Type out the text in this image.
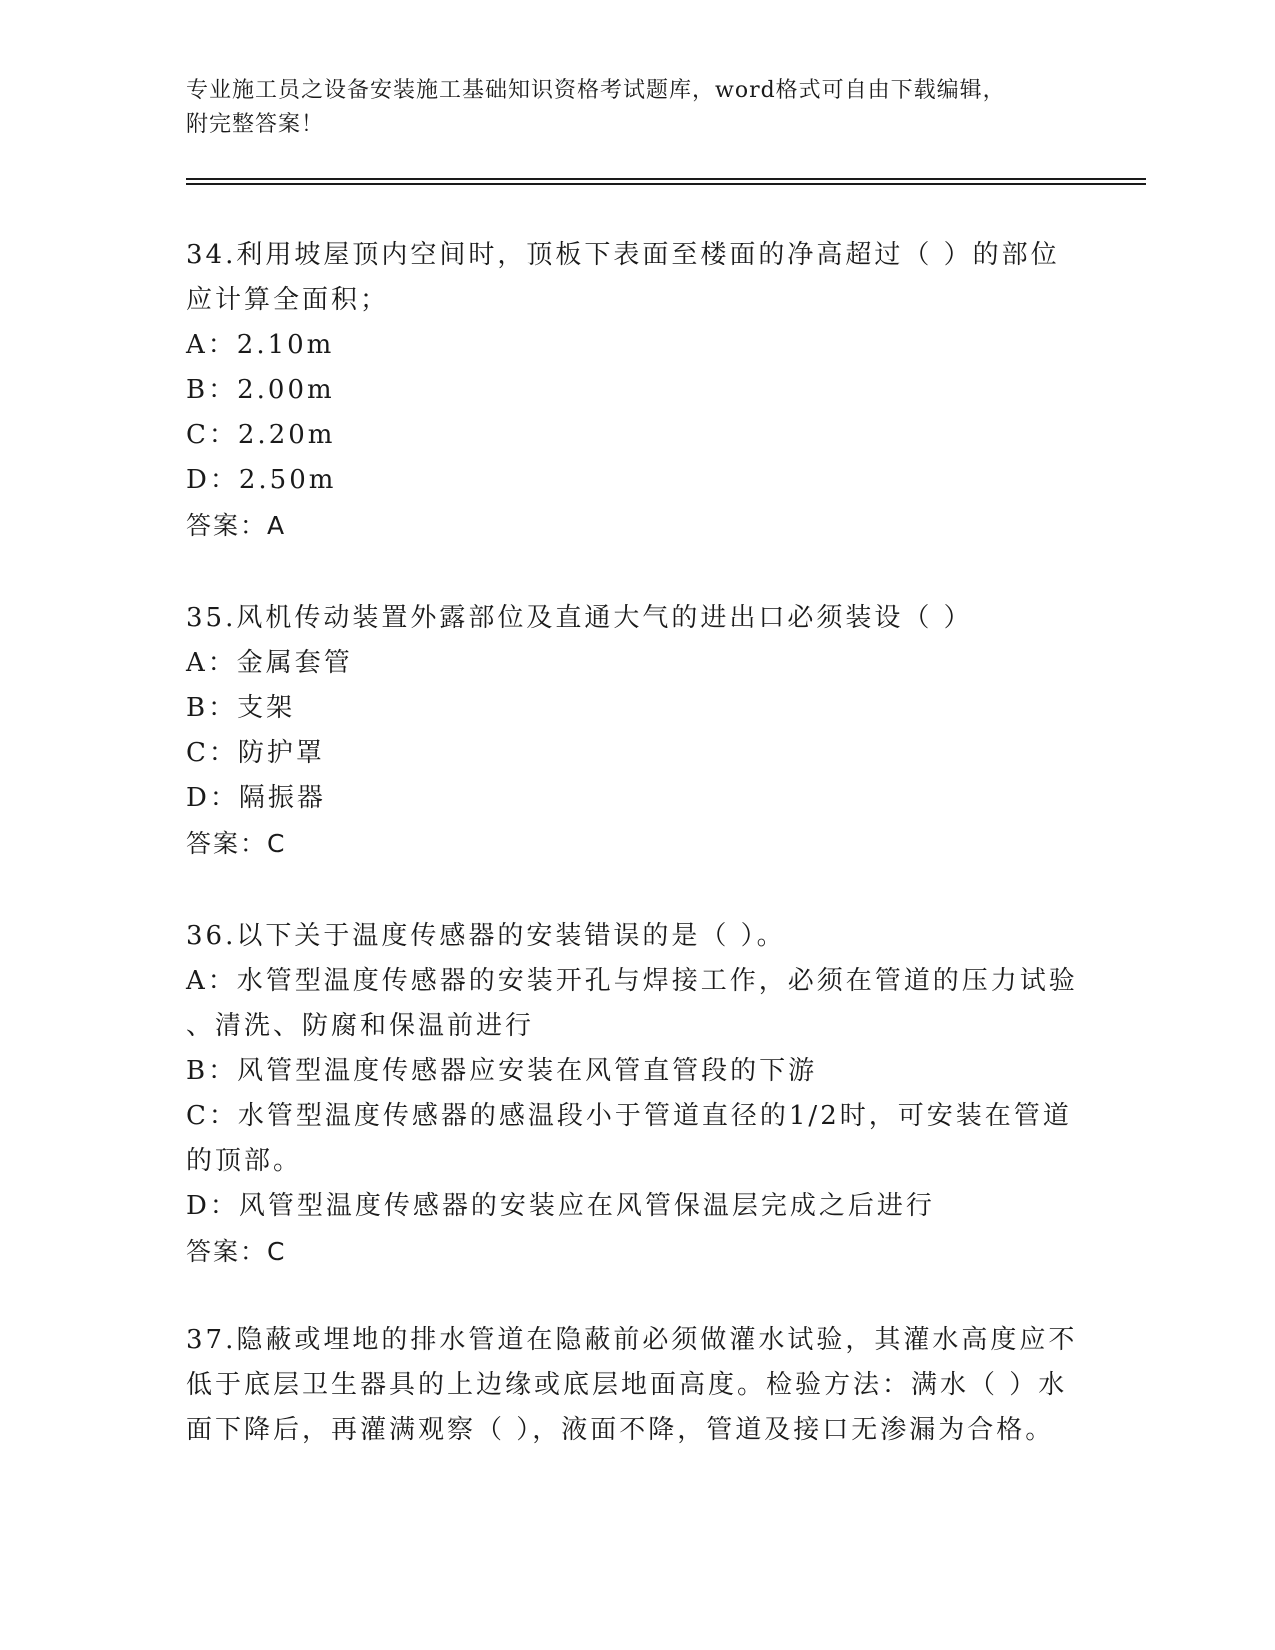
专业施工员之设备安装施工基础知识资格考试题库，word格式可自由下载编辑，
附完整答案！

34.利用坡屋顶内空间时，顶板下表面至楼面的净高超过（ ）的部位

应计算全面积；

A：2.10m

B：2.00m

C：2.20m

D：2.50m

答案：A

35.风机传动装置外露部位及直通大气的进出口必须装设（ ）

A：金属套管

B：支架

C：防护罩

D：隔振器

答案：C

36.以下关于温度传感器的安装错误的是（ ）。

A：水管型温度传感器的安装开孔与焊接工作，必须在管道的压力试验

、清洗、防腐和保温前进行

B：风管型温度传感器应安装在风管直管段的下游

C：水管型温度传感器的感温段小于管道直径的1/2时，可安装在管道

的顶部。

D：风管型温度传感器的安装应在风管保温层完成之后进行

答案：C

37.隐蔽或埋地的排水管道在隐蔽前必须做灌水试验，其灌水高度应不

低于底层卫生器具的上边缘或底层地面高度。检验方法：满水（ ）水

面下降后，再灌满观察（ ），液面不降，管道及接口无渗漏为合格。
